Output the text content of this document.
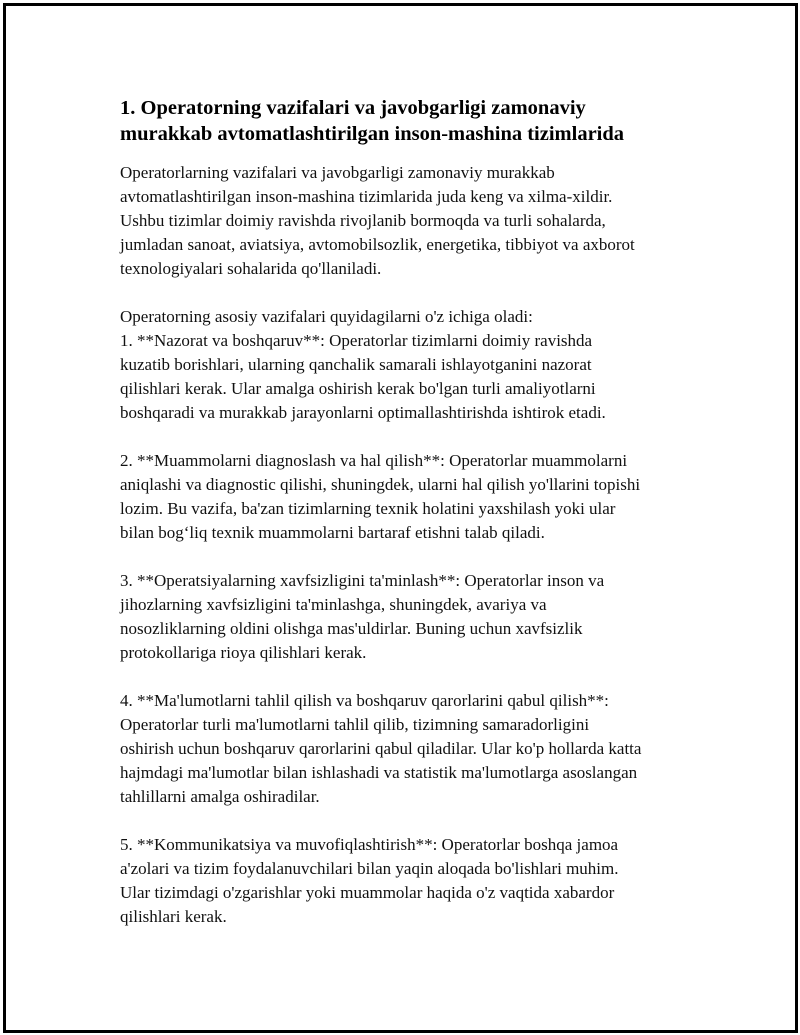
1. Operatorning vazifalari va javobgarligi zamonaviy
murakkab avtomatlashtirilgan inson-mashina tizimlarida

Operatorlarning vazifalari va javobgarligi zamonaviy murakkab
avtomatlashtirilgan inson-mashina tizimlarida juda keng va xilma-xildir.
Ushbu tizimlar doimiy ravishda rivojlanib bormoqda va turli sohalarda,
jumladan sanoat, aviatsiya, avtomobilsozlik, energetika, tibbiyot va axborot
texnologiyalari sohalarida qo'llaniladi.

Operatorning asosiy vazifalari quyidagilarni o'z ichiga oladi:

1. **Nazorat va boshqaruv**: Operatorlar tizimlarni doimiy ravishda
kuzatib borishlari, ularning qanchalik samarali ishlayotganini nazorat
qilishlari kerak. Ular amalga oshirish kerak bo'lgan turli amaliyotlarni
boshqaradi va murakkab jarayonlarni optimallashtirishda ishtirok etadi.

2. **Muammolarni diagnoslash va hal qilish**: Operatorlar muammolarni
aniqlashi va diagnostic qilishi, shuningdek, ularni hal qilish yo'llarini topishi
lozim. Bu vazifa, ba'zan tizimlarning texnik holatini yaxshilash yoki ular
bilan bog‘liq texnik muammolarni bartaraf etishni talab qiladi.

3. **Operatsiyalarning xavfsizligini ta'minlash**: Operatorlar inson va
jihozlarning xavfsizligini ta'minlashga, shuningdek, avariya va
nosozliklarning oldini olishga mas'uldirlar. Buning uchun xavfsizlik
protokollariga rioya qilishlari kerak.

4. **Ma'lumotlarni tahlil qilish va boshqaruv qarorlarini qabul qilish**:
Operatorlar turli ma'lumotlarni tahlil qilib, tizimning samaradorligini
oshirish uchun boshqaruv qarorlarini qabul qiladilar. Ular ko'p hollarda katta
hajmdagi ma'lumotlar bilan ishlashadi va statistik ma'lumotlarga asoslangan
tahlillarni amalga oshiradilar.

5. **Kommunikatsiya va muvofiqlashtirish**: Operatorlar boshqa jamoa
a'zolari va tizim foydalanuvchilari bilan yaqin aloqada bo'lishlari muhim.
Ular tizimdagi o'zgarishlar yoki muammolar haqida o'z vaqtida xabardor
qilishlari kerak.
